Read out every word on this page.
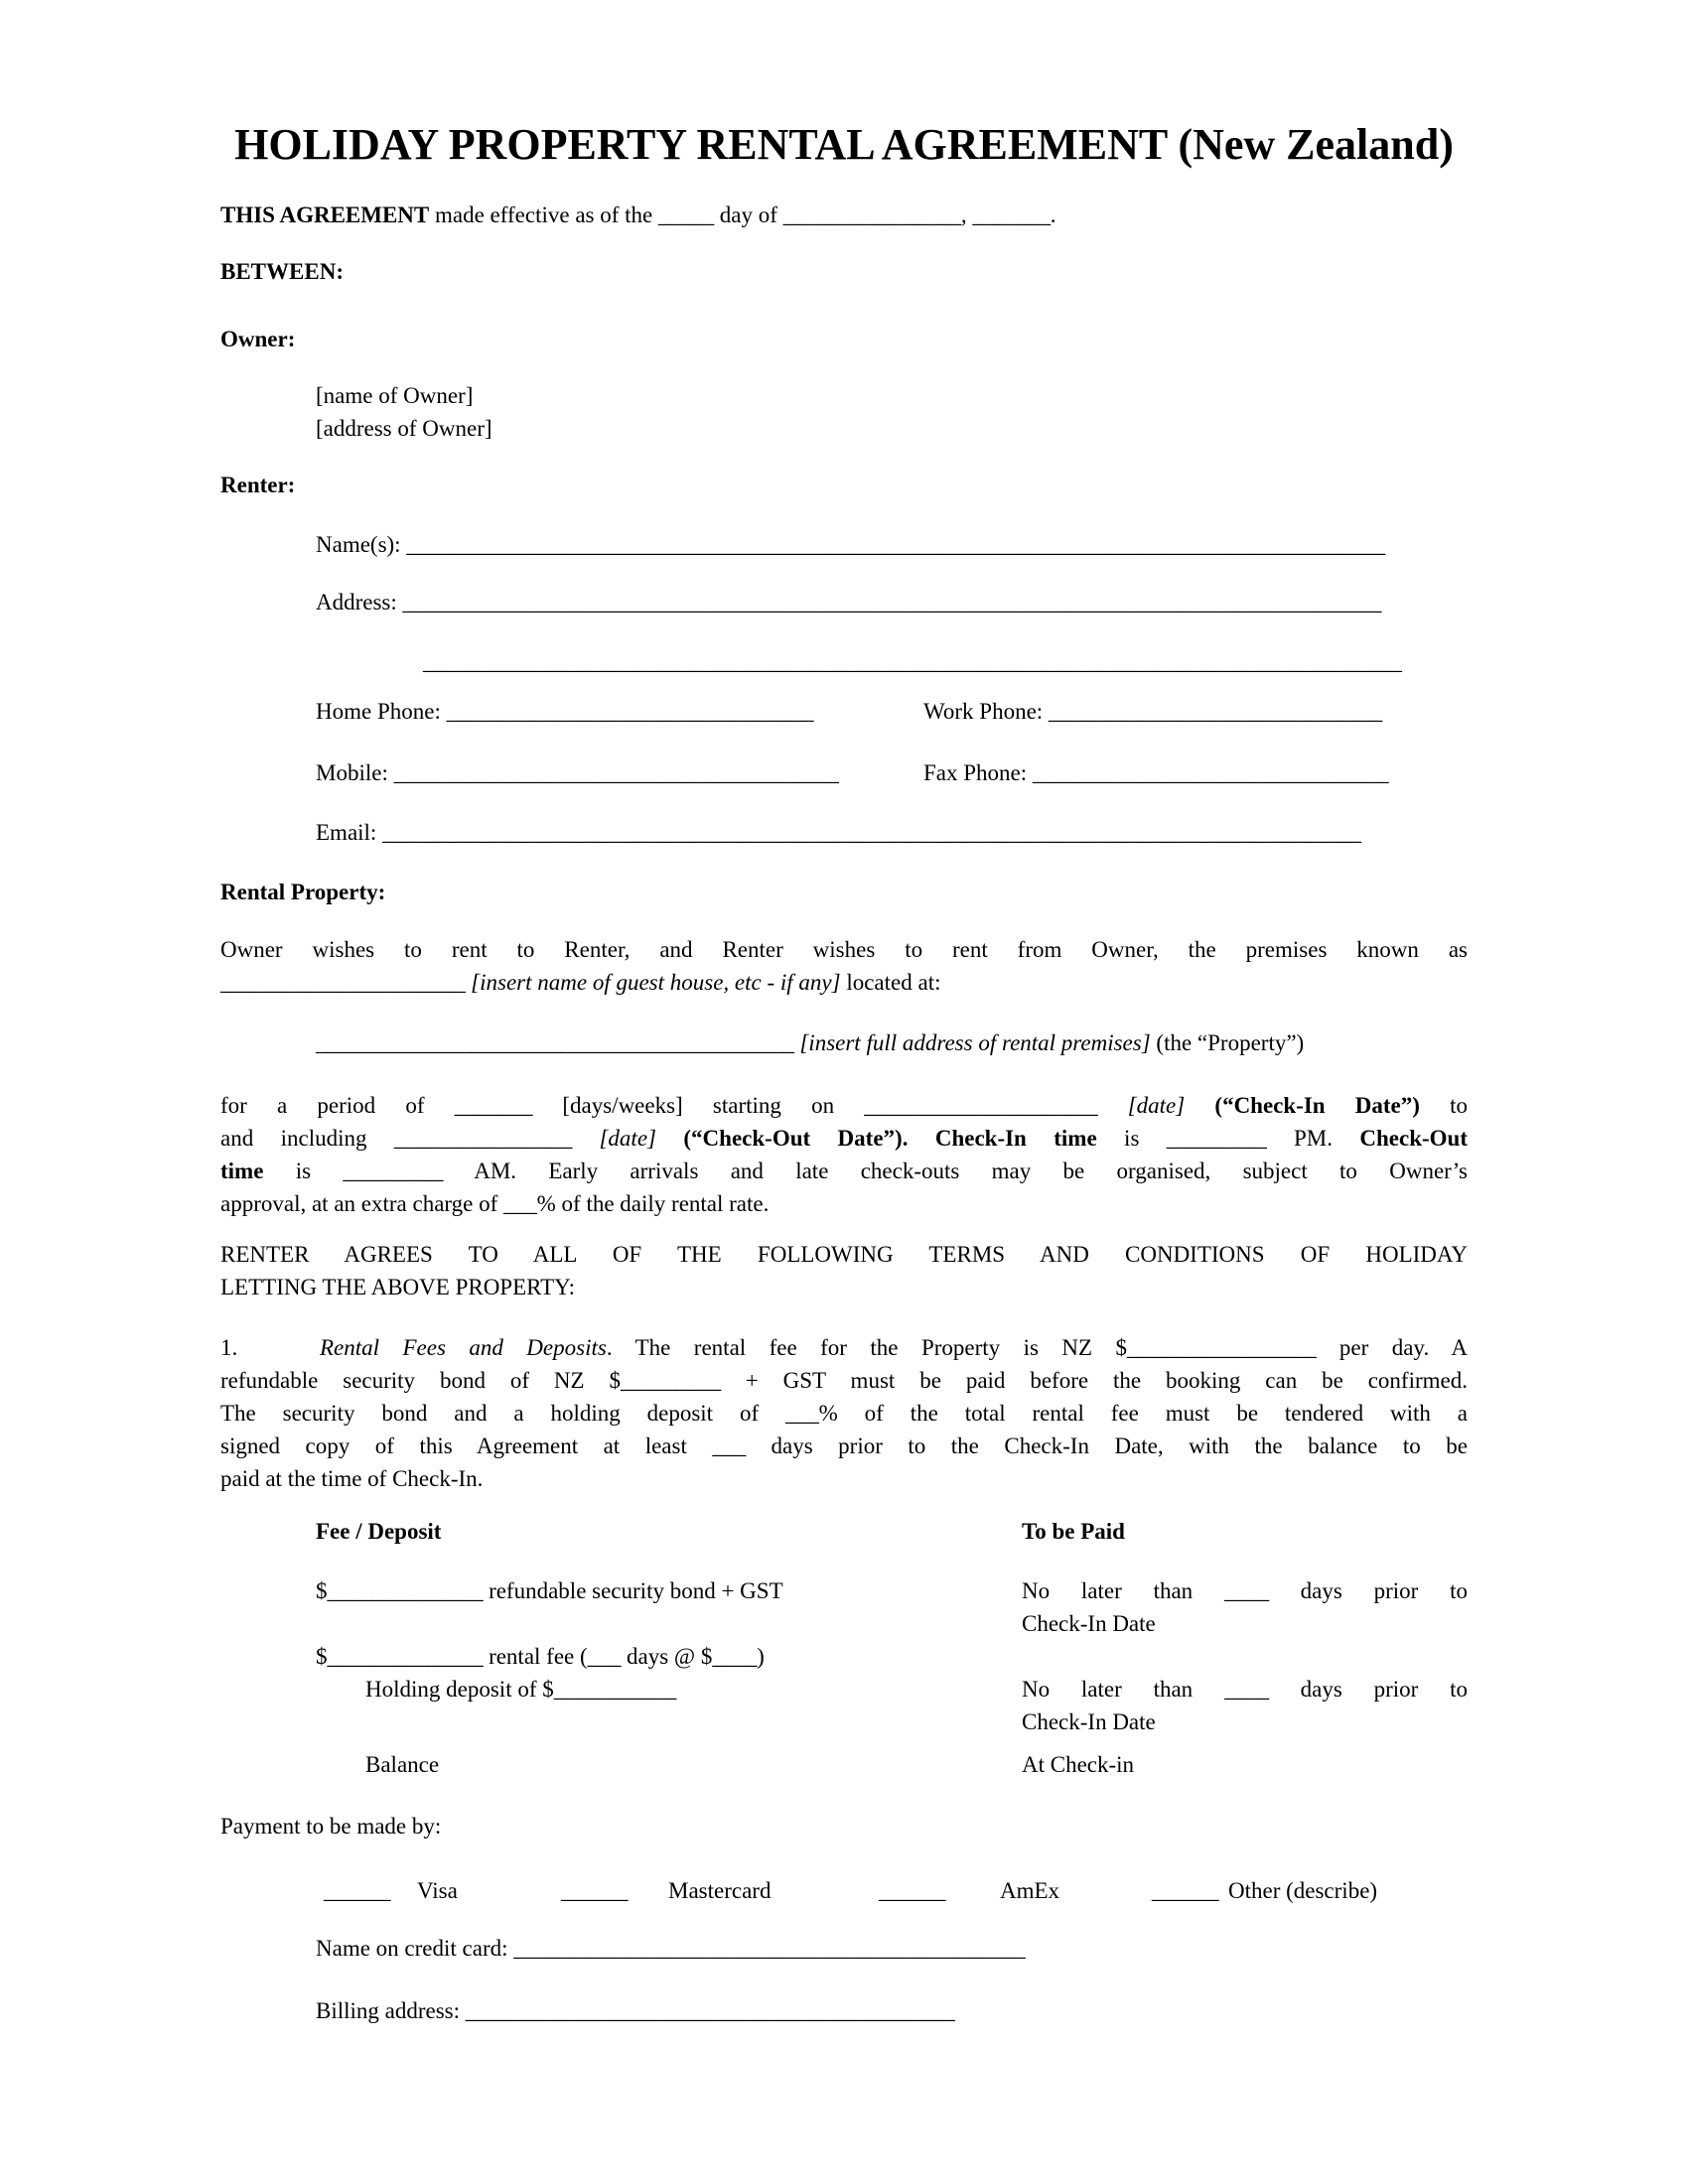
HOLIDAY PROPERTY RENTAL AGREEMENT (New Zealand)
THIS AGREEMENT made effective as of the _____ day of ________________, _______.
BETWEEN:
Owner:
[name of Owner]
[address of Owner]
Renter:
Name(s): ________________________________________________________________________________________
Address: ________________________________________________________________________________________
________________________________________________________________________________________
Home Phone: _________________________________	Work Phone: ______________________________
Mobile: ________________________________________	Fax Phone: ________________________________
Email: ________________________________________________________________________________________
Rental Property:
Owner wishes to rent to Renter, and Renter wishes to rent from Owner, the premises known as
______________________ [insert name of guest house, etc - if any] located at:
___________________________________________ [insert full address of rental premises] (the “Property”)
for a period of _______ [days/weeks] starting on _____________________ [date] (“Check-In Date”) to
and including ________________ [date] (“Check-Out Date”). Check-In time is _________ PM. Check-Out
time is _________ AM. Early arrivals and late check-outs may be organised, subject to Owner’s
approval, at an extra charge of ___% of the daily rental rate.
RENTER AGREES TO ALL OF THE FOLLOWING TERMS AND CONDITIONS OF HOLIDAY
LETTING THE ABOVE PROPERTY:
1.	Rental Fees and Deposits. The rental fee for the Property is NZ $_________________ per day. A
refundable security bond of NZ $_________ + GST must be paid before the booking can be confirmed.
The security bond and a holding deposit of ___% of the total rental fee must be tendered with a
signed copy of this Agreement at least ___ days prior to the Check-In Date, with the balance to be
paid at the time of Check-In.
Fee / Deposit	To be Paid
$______________ refundable security bond + GST	No later than ____ days prior to
Check-In Date
$______________ rental fee (___ days @ $____)
Holding deposit of $___________	No later than ____ days prior to
Check-In Date
Balance	At Check-in
Payment to be made by:
______ Visa	______ Mastercard	______ AmEx	______ Other (describe)
Name on credit card: ______________________________________________
Billing address: ____________________________________________
